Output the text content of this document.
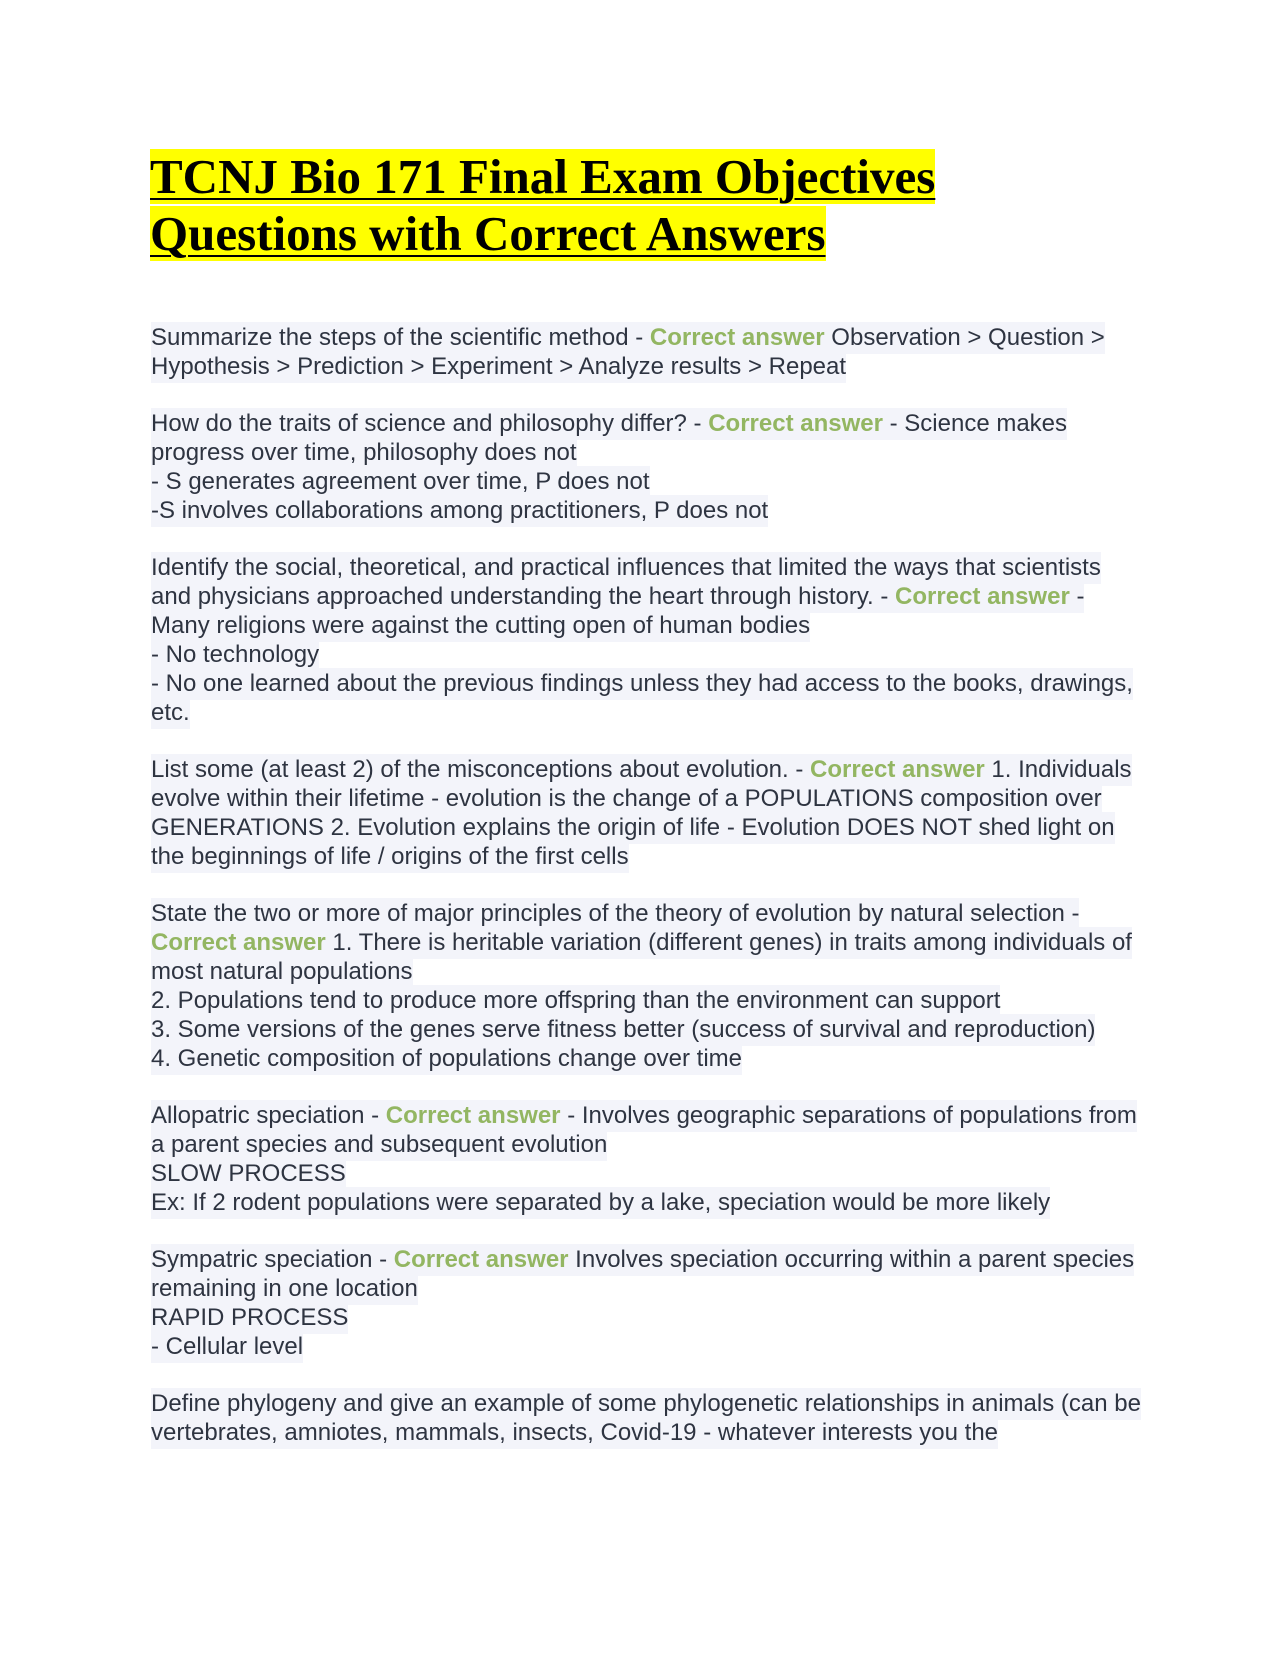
TCNJ Bio 171 Final Exam Objectives
Questions with Correct Answers
Summarize the steps of the scientific method - Correct answer Observation > Question > Hypothesis > Prediction > Experiment > Analyze results > Repeat
How do the traits of science and philosophy differ? - Correct answer - Science makes progress over time, philosophy does not
- S generates agreement over time, P does not
-S involves collaborations among practitioners, P does not
Identify the social, theoretical, and practical influences that limited the ways that scientists and physicians approached understanding the heart through history. - Correct answer - Many religions were against the cutting open of human bodies
- No technology
- No one learned about the previous findings unless they had access to the books, drawings, etc.
List some (at least 2) of the misconceptions about evolution. - Correct answer 1. Individuals evolve within their lifetime - evolution is the change of a POPULATIONS composition over GENERATIONS 2. Evolution explains the origin of life - Evolution DOES NOT shed light on the beginnings of life / origins of the first cells
State the two or more of major principles of the theory of evolution by natural selection - Correct answer 1. There is heritable variation (different genes) in traits among individuals of most natural populations
2. Populations tend to produce more offspring than the environment can support
3. Some versions of the genes serve fitness better (success of survival and reproduction)
4. Genetic composition of populations change over time
Allopatric speciation - Correct answer - Involves geographic separations of populations from a parent species and subsequent evolution
SLOW PROCESS
Ex: If 2 rodent populations were separated by a lake, speciation would be more likely
Sympatric speciation - Correct answer Involves speciation occurring within a parent species remaining in one location
RAPID PROCESS
- Cellular level
Define phylogeny and give an example of some phylogenetic relationships in animals (can be vertebrates, amniotes, mammals, insects, Covid-19 - whatever interests you the
